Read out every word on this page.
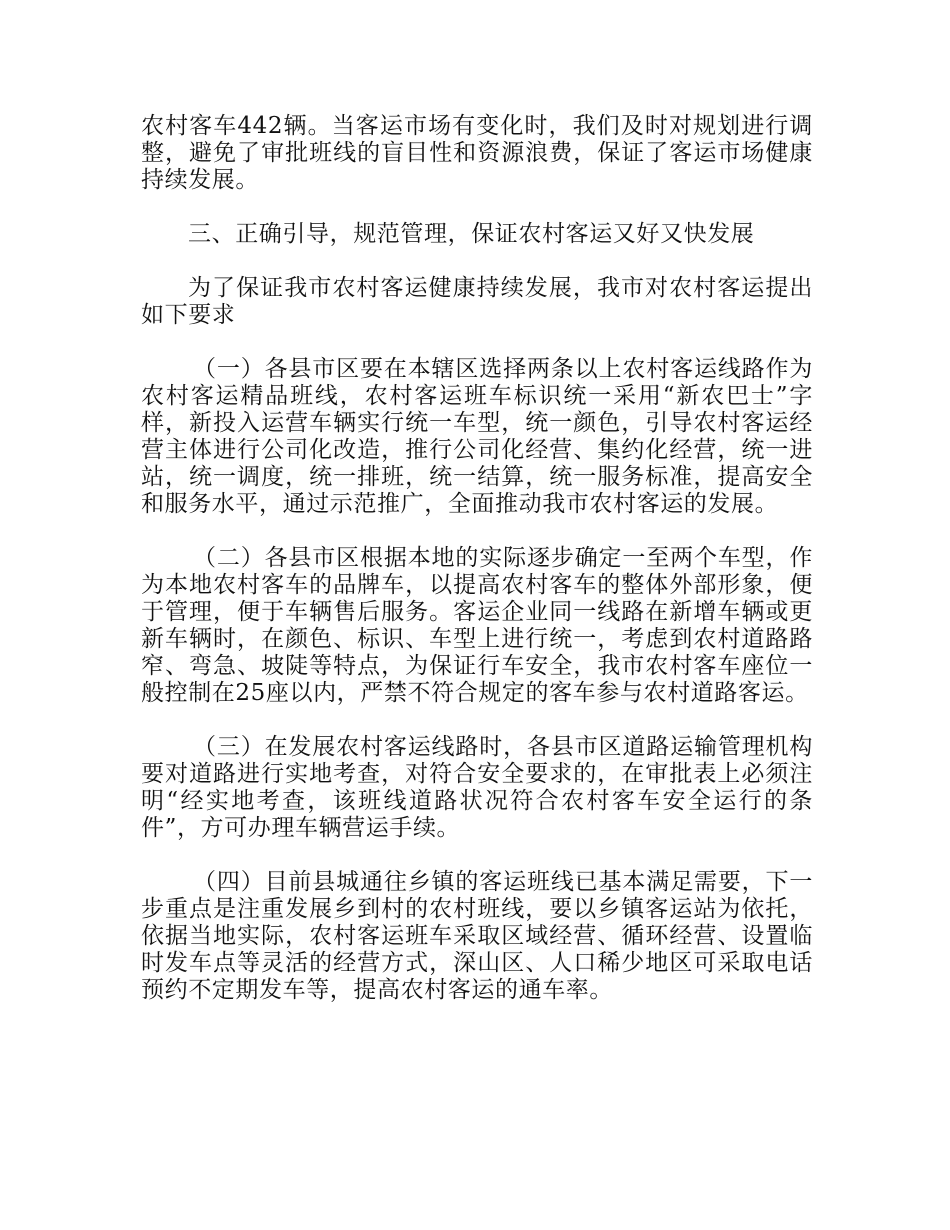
农村客车442辆。当客运市场有变化时，我们及时对规划进行调整，避免了审批班线的盲目性和资源浪费，保证了客运市场健康持续发展。

三、正确引导，规范管理，保证农村客运又好又快发展

为了保证我市农村客运健康持续发展，我市对农村客运提出如下要求

（一）各县市区要在本辖区选择两条以上农村客运线路作为农村客运精品班线，农村客运班车标识统一采用“新农巴士”字样，新投入运营车辆实行统一车型，统一颜色，引导农村客运经营主体进行公司化改造，推行公司化经营、集约化经营，统一进站，统一调度，统一排班，统一结算，统一服务标准，提高安全和服务水平，通过示范推广，全面推动我市农村客运的发展。

（二）各县市区根据本地的实际逐步确定一至两个车型，作为本地农村客车的品牌车，以提高农村客车的整体外部形象，便于管理，便于车辆售后服务。客运企业同一线路在新增车辆或更新车辆时，在颜色、标识、车型上进行统一，考虑到农村道路路窄、弯急、坡陡等特点，为保证行车安全，我市农村客车座位一般控制在25座以内，严禁不符合规定的客车参与农村道路客运。

（三）在发展农村客运线路时，各县市区道路运输管理机构要对道路进行实地考查，对符合安全要求的，在审批表上必须注明“经实地考查，该班线道路状况符合农村客车安全运行的条件”，方可办理车辆营运手续。

（四）目前县城通往乡镇的客运班线已基本满足需要，下一步重点是注重发展乡到村的农村班线，要以乡镇客运站为依托，依据当地实际，农村客运班车采取区域经营、循环经营、设置临时发车点等灵活的经营方式，深山区、人口稀少地区可采取电话预约不定期发车等，提高农村客运的通车率。
